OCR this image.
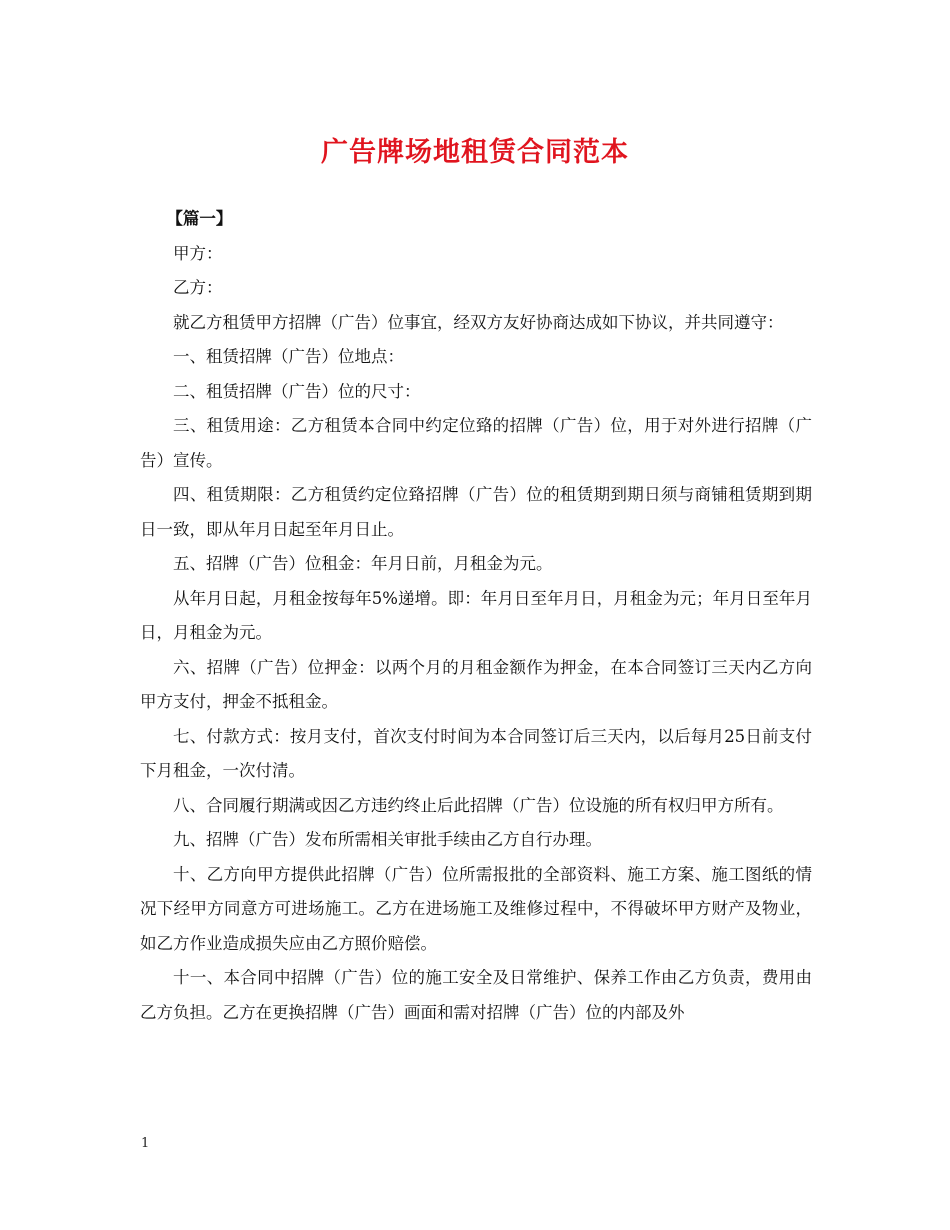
广告牌场地租赁合同范本

【篇一】

甲方：

乙方：

就乙方租赁甲方招牌（广告）位事宜，经双方友好协商达成如下协议，并共同遵守：

一、租赁招牌（广告）位地点：

二、租赁招牌（广告）位的尺寸：

三、租赁用途：乙方租赁本合同中约定位臵的招牌（广告）位，用于对外进行招牌（广告）宣传。

四、租赁期限：乙方租赁约定位臵招牌（广告）位的租赁期到期日须与商铺租赁期到期日一致，即从年月日起至年月日止。

五、招牌（广告）位租金：年月日前，月租金为元。

从年月日起，月租金按每年5%递增。即：年月日至年月日，月租金为元；年月日至年月日，月租金为元。

六、招牌（广告）位押金：以两个月的月租金额作为押金，在本合同签订三天内乙方向甲方支付，押金不抵租金。

七、付款方式：按月支付，首次支付时间为本合同签订后三天内，以后每月25日前支付下月租金，一次付清。

八、合同履行期满或因乙方违约终止后此招牌（广告）位设施的所有权归甲方所有。

九、招牌（广告）发布所需相关审批手续由乙方自行办理。

十、乙方向甲方提供此招牌（广告）位所需报批的全部资料、施工方案、施工图纸的情况下经甲方同意方可进场施工。乙方在进场施工及维修过程中，不得破坏甲方财产及物业，如乙方作业造成损失应由乙方照价赔偿。

十一、本合同中招牌（广告）位的施工安全及日常维护、保养工作由乙方负责，费用由乙方负担。乙方在更换招牌（广告）画面和需对招牌（广告）位的内部及外

1
